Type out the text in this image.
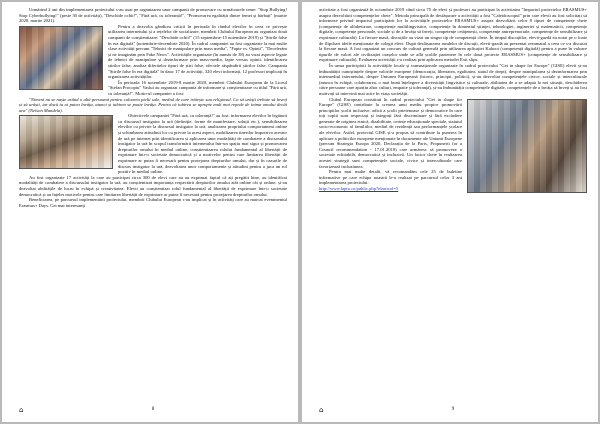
Urmărind 2 ani din implementarea proiectului s-au axat pe organizarea unor campanii de promovare cu următoarele teme: "Stop Bullying! Stop Cyberbullying!" (peste 30 de activități), "Deschide ochii!", "Fără ură, cu toleranță!", "Promovarea egalității dintre femei și bărbați" (martie 2020, martie 2021).

Pentru a dezvolta gândirea critică în perioada în rândul elevilor în ceea ce privește utilizarea internetului și a rețelelor de socializare, membrii Clubului European au organizat două campanii de conștientizare: "Deschide ochii!" (15 septembrie-15 noiembrie 2019) și "Știrile false în era digitală" (noiembrie-decembrie 2020). În cadrul campaniei au fost organizate la mai multe clase activități precum "Tehnici de manipulare prin mass media", "Fapte vs. Opinii", "Decelerăm și ne imaginăm prin Fake News". Activitățile organizate (în număr de 38) au vizat aspecte legate de tehnici de manipulare și dezinformare prin mass-media, fapte versus opinii, identificarea știrilor false, analiza diferitelor tipuri de știri false, efectele răspândirii știrilor false. Campania "Știrile false în era digitală" în data: 17 de activități, 320 elevi informați, 12 profesori implicați în organizarea activităților.

În perioada 16 noiembrie 2019-8 martie 2020, membrii Clubului European de la Liceul "Ștefan Procopiu" Vaslui au organizat campania de informare și conștientizare cu titlul "Fără ură, cu toleranță!". Motto-ul campaniei a fost:

"Nimeni nu se naște urând o altă persoană pentru culoarea pielii sale, mediul de care trăiește sau religiosul. Ca să urăști trebuie să înveți și să urăști, iar dacă tu ai putea învăța, atunci și iubirea se poate învăța. Pentru că iubirea se apropie mult mai repede de inima omului decât ura" (Nelson Mandela).

Obiectivele campaniei "Fără ură, cu toleranță!" au fost: informarea elevilor în legătură cu discursul instigator la ură (definiție, forme de manifestare, soluții etc.), sensibilizarea elevilor cu privire la discursul instigator la ură, analizarea propriului comportament online și schimbarea atitudinii lor cu privire la acest aspect, mobilizarea tinerilor împotriva acestor de ură pe internet prin identificarea și aplicarea unor modalități de combatere a discursului instigator la ură în scopul transformării internetului într-un spațiu mai sigur și promovarea drepturilor omului în mediul online, conștientizarea rolului fundamental al libertății de exprimare într-o societate democratică și a motivelor pentru care limitarea libertății de exprimare ar putea fi necesară pentru protejarea drepturilor omului, dar și în cazurile de discurs instigator la ură, dezvoltarea unor comportamente și atitudini pentru a juca un rol pozitiv în mediul online.

Au fost organizate 17 activități la care au participat circa 300 de elevi care au au exprimat faptul că ați pregătit bine, au identificat modalități de combatere a discursului instigator la ură, au conștientizat importanța respectării drepturilor omului atât online cât și online, și-au dezvoltat abilitățile de lucru în echipă și creativitatea. Elevii au conștientizat rolul fundamental al libertății de exprimare într-o societate democratică și au înțeles motivele pentru care limitarea libertății de exprimare ar putea fi necesară pentru protejarea drepturilor omului.

Beneficiarea, pe parcursul implementării proiectului, membrii Clubului European s-au implicat și în activități care au marcat evenimentul Erasmus+ Days. Cei mai interesanți

⌂	8

activitate a fost organizată în octombrie 2019 când circa 75 de elevi și profesori au participat la activitatea "Impactul proiectelor ERASMUS+ asupra dezvoltării competențelor cheie". Metoda principală de desfășurare a activității a fost "Caleidoscopul" prin care elevii au fost solicitați să informeze privind impactul participării lor la activitățile proiectelor ERASMUS+ asupra dezvoltării celor 8 tipuri de competențe cheie (competențe de alfabetizare, competențe multilingvistice, competențe în domeniul științei, tehnologiei, ingineriei și matematicii, competențe digitale, competențe personale, sociale și de a învăța să înveți, competențe cetățenești, competențe antreprenoriale, competențe de sensibilizare și exprimare culturală). La fiecare masă, discuțiile au vizat un singur tip de competență cheie. În timpul discuțiilor, elevii-gazdă au notat pe o foaie de flipchart ideile menționate de colegii elevi. După desfășurarea rundelor de discuții, elevii-gazdă au prezentat rezumatul a ceea ce s-a discutat la fiecare masă. A fost organizat un concurs de cultură generală prin utilizarea aplicației Kahoot (competență digitală) pentru a pune în valoare tipurile de valori ale civilizației orașelor unde se află școlile partenere în cele două proiecte ERASMUS+ (competențe de sensibilizare și exprimare culturală). Evaluarea activității s-a realizat prin aplicarea metodei Exit slips.

În urma participării la activitățile locale și transnaționale organizate în cadrul proiectului "Get in shape for Europe" (GISE) elevii și-au îmbunătățit cunoștințele despre valorile europene (democrația, libertatea, egalitatea, statul de drept), despre manipularea și dezinformarea prin intermediul internetului, despre Uniunea Europeană (istoric, principii, politici), și-au dezvoltat competențele civice, sociale și interculturale (munca în echipă, colaborarea, o mai bună înțelegere a diversității lingvistice și culturale, abilitatea de a se adapta la noi situații, deschiderea către persoane care aparțin altor culturi, empatie și toleranță), și-au îmbunătățit competențele digitale, competențele de a învăța să înveți și au fost motivați să intervină mai activ în viața societății.

Clubul European constituit în cadrul proiectului "Get in shape for Europe" (GISE) contribuie la crearea unui mediu propice promovării principiilor școlii incluzive, adică a școlii prietenoase și democratice în care toți copiii sunt respectați și integrați fără discriminare și fără excludere generate de originea etnică, dizabilitate, cerințe educaționale speciale, statutul socio-economic al familiilor, mediul de rezidență sau performanțele școlare ale elevilor. Astfel, proiectul GISE și-a propus să contribuie la punerea în aplicare a politicilor europene menționate în documente ale Uniunii Europene (precum Strategia Europa 2020, Declarația de la Paris, Propunerii for a Council recommendation - 17.01.2018) care urmăresc să promoveze o societate echitabilă, democratică și incluzivă. Un factor cheie în realizarea acestei strategii sunt competențele sociale, civice și interculturale care favorizează incluziunea.

Pentru mai multe detalii, vă recomandăm cele 25 de buletine informative pe care echipa noastră le-a realizat pe parcursul celor 3 ani implementarea proiectului:

http://www.lapro.ro/public.php?idarticol=5

⌂	9
